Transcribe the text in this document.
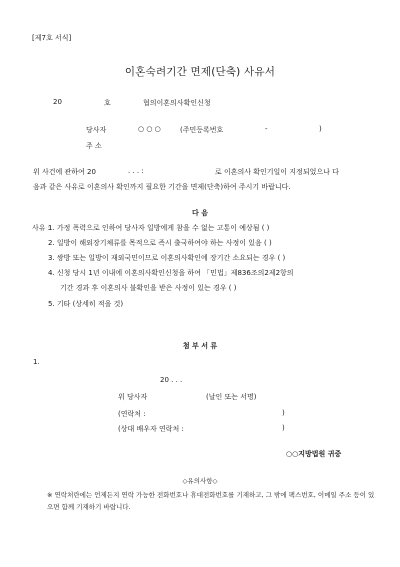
[제7호 서식]
이혼숙려기간 면제(단축) 사유서
20	호	협의이혼의사확인신청
당사자	○ ○ ○	(주민등록번호	-	)
주 소
위 사건에 관하여 20	. . . :	로 이혼의사 확인기일이 지정되었으나 다
음과 같은 사유로 이혼의사 확인까지 필요한 기간을 면제(단축)하여 주시기 바랍니다.
다 음
사유 :
1. 가정 폭력으로 인하여 당사자 일방에게 참을 수 없는 고통이 예상됨 ( )
2. 일방이 해외장기체류를 목적으로 즉시 출국하여야 하는 사정이 있음 ( )
3. 쌍방 또는 일방이 재외국민이므로 이혼의사확인에 장기간 소요되는 경우 ( )
4. 신청 당시 1년 이내에 이혼의사확인신청을 하여 「민법」제836조의2제2항의
기간 경과 후 이혼의사 불확인을 받은 사정이 있는 경우 ( )
5. 기타 (상세히 적을 것)
첨 부 서 류
1.
20 . . .
위 당사자	(날인 또는 서명)
(연락처 :	)
(상대 배우자 연락처 :	)
○○지방법원 귀중
◇유의사항◇
※ 연락처란에는 언제든지 연락 가능한 전화번호나 휴대전화번호를 기재하고, 그 밖에 팩스번호, 이메일 주소 등이 있으면 함께 기재하기 바랍니다.
